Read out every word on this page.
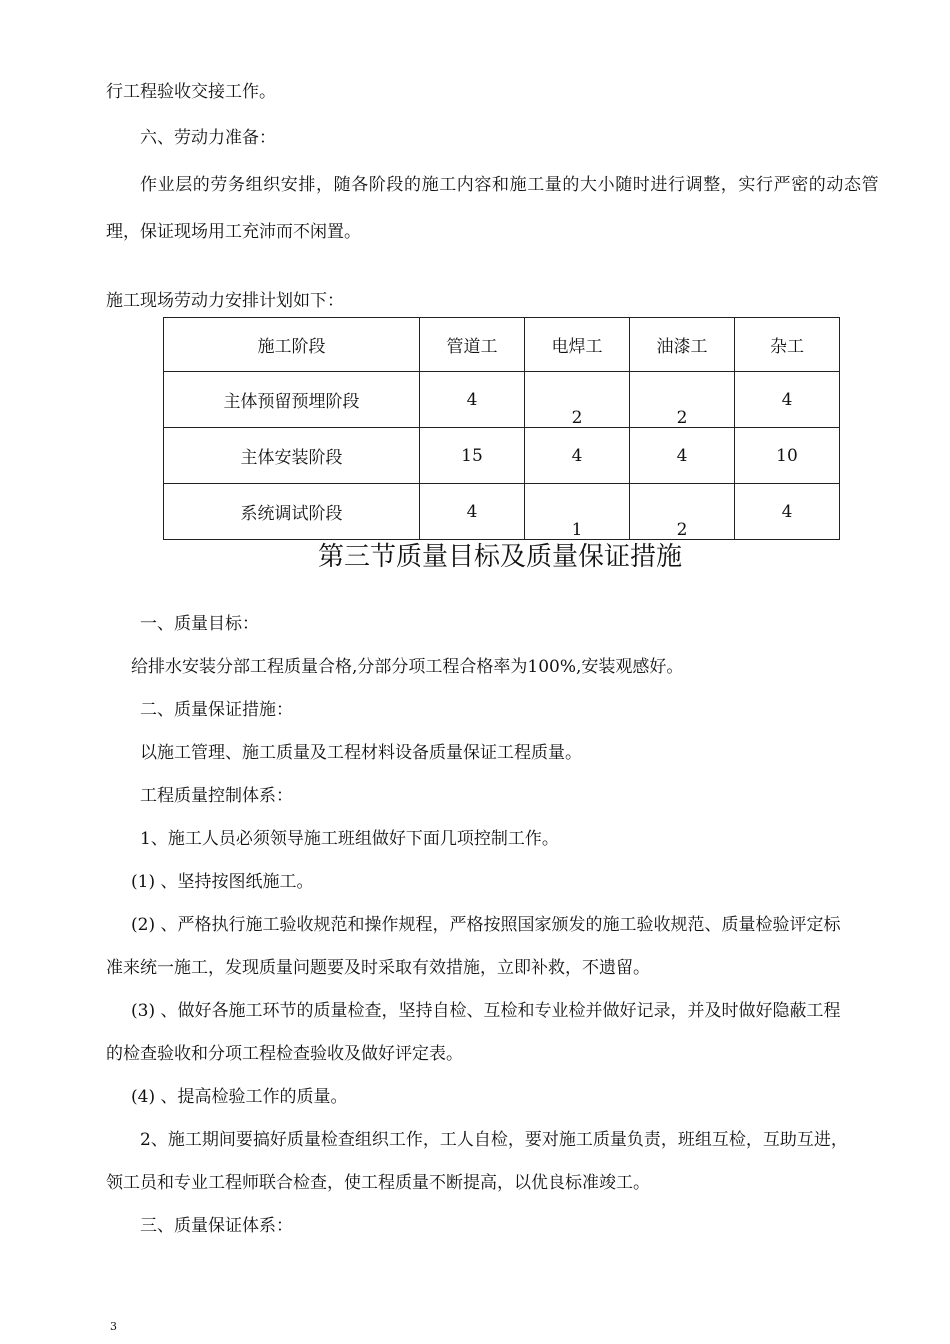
行工程验收交接工作。
六、劳动力准备：
作业层的劳务组织安排，随各阶段的施工内容和施工量的大小随时进行调整，实行严密的动态管
理，保证现场用工充沛而不闲置。
施工现场劳动力安排计划如下：
施工阶段	管道工	电焊工	油漆工	杂工
主体预留预埋阶段	4	2	2	4
主体安装阶段	15	4	4	10
系统调试阶段	4	1	2	4
第三节质量目标及质量保证措施
一、质量目标：
给排水安装分部工程质量合格,分部分项工程合格率为100%,安装观感好。
二、质量保证措施：
以施工管理、施工质量及工程材料设备质量保证工程质量。
工程质量控制体系：
1、施工人员必须领导施工班组做好下面几项控制工作。
(1) 、坚持按图纸施工。
(2) 、严格执行施工验收规范和操作规程，严格按照国家颁发的施工验收规范、质量检验评定标
准来统一施工，发现质量问题要及时采取有效措施，立即补救，不遗留。
(3) 、做好各施工环节的质量检查，坚持自检、互检和专业检并做好记录，并及时做好隐蔽工程
的检查验收和分项工程检查验收及做好评定表。
(4) 、提高检验工作的质量。
2、施工期间要搞好质量检查组织工作，工人自检，要对施工质量负责，班组互检，互助互进，
领工员和专业工程师联合检查，使工程质量不断提高，以优良标准竣工。
三、质量保证体系：
3
